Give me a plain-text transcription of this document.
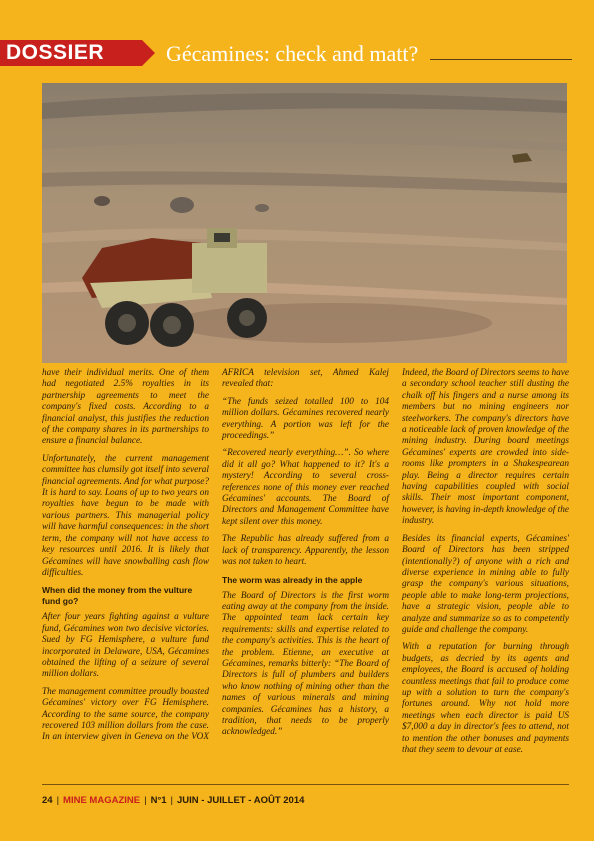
DOSSIER	Gécamines: check and matt?

have their individual merits. One of them had negotiated 2.5% royalties in its partnership agreements to meet the company's fixed costs. According to a financial analyst, this justifies the reduction of the company shares in its partnerships to ensure a financial balance.

Unfortunately, the current management committee has clumsily got itself into several financial agreements. And for what purpose? It is hard to say. Loans of up to two years on royalties have begun to be made with various partners. This managerial policy will have harmful consequences: in the short term, the company will not have access to key resources until 2016. It is likely that Gécamines will have snowballing cash flow difficulties.

When did the money from the vulture fund go?

After four years fighting against a vulture fund, Gécamines won two decisive victories. Sued by FG Hemisphere, a vulture fund incorporated in Delaware, USA, Gécamines obtained the lifting of a seizure of several million dollars.

The management committee proudly boasted Gécamines' victory over FG Hemisphere. According to the same source, the company recovered 103 million dollars from the case. In an interview given in Geneva on the VOX AFRICA television set, Ahmed Kalej revealed that:

“The funds seized totalled 100 to 104 million dollars. Gécamines recovered nearly everything. A portion was left for the proceedings.”

“Recovered nearly everything…”. So where did it all go? What happened to it? It's a mystery! According to several cross-references none of this money ever reached Gécamines' accounts. The Board of Directors and Management Committee have kept silent over this money.

The Republic has already suffered from a lack of transparency. Apparently, the lesson was not taken to heart.

The worm was already in the apple

The Board of Directors is the first worm eating away at the company from the inside. The appointed team lack certain key requirements: skills and expertise related to the company's activities. This is the heart of the problem. Etienne, an executive at Gécamines, remarks bitterly: “The Board of Directors is full of plumbers and builders who know nothing of mining other than the names of various minerals and mining companies. Gécamines has a history, a tradition, that needs to be properly acknowledged.”

Indeed, the Board of Directors seems to have a secondary school teacher still dusting the chalk off his fingers and a nurse among its members but no mining engineers nor steelworkers. The company's directors have a noticeable lack of proven knowledge of the mining industry. During board meetings Gécamines' experts are crowded into side-rooms like prompters in a Shakespearean play. Being a director requires certain having capabilities coupled with social skills. Their most important component, however, is having in-depth knowledge of the industry.

Besides its financial experts, Gécamines' Board of Directors has been stripped (intentionally?) of anyone with a rich and diverse experience in mining able to fully grasp the company's various situations, people able to make long-term projections, have a strategic vision, people able to analyze and summarize so as to competently guide and challenge the company.

With a reputation for burning through budgets, as decried by its agents and employees, the Board is accused of holding countless meetings that fail to produce come up with a solution to turn the company's fortunes around. Why not hold more meetings when each director is paid US $7,000 a day in director's fees to attend, not to mention the other bonuses and payments that they seem to devour at ease.

24 | MINE MAGAZINE | N°1 | JUIN - JUILLET - AOÛT 2014
